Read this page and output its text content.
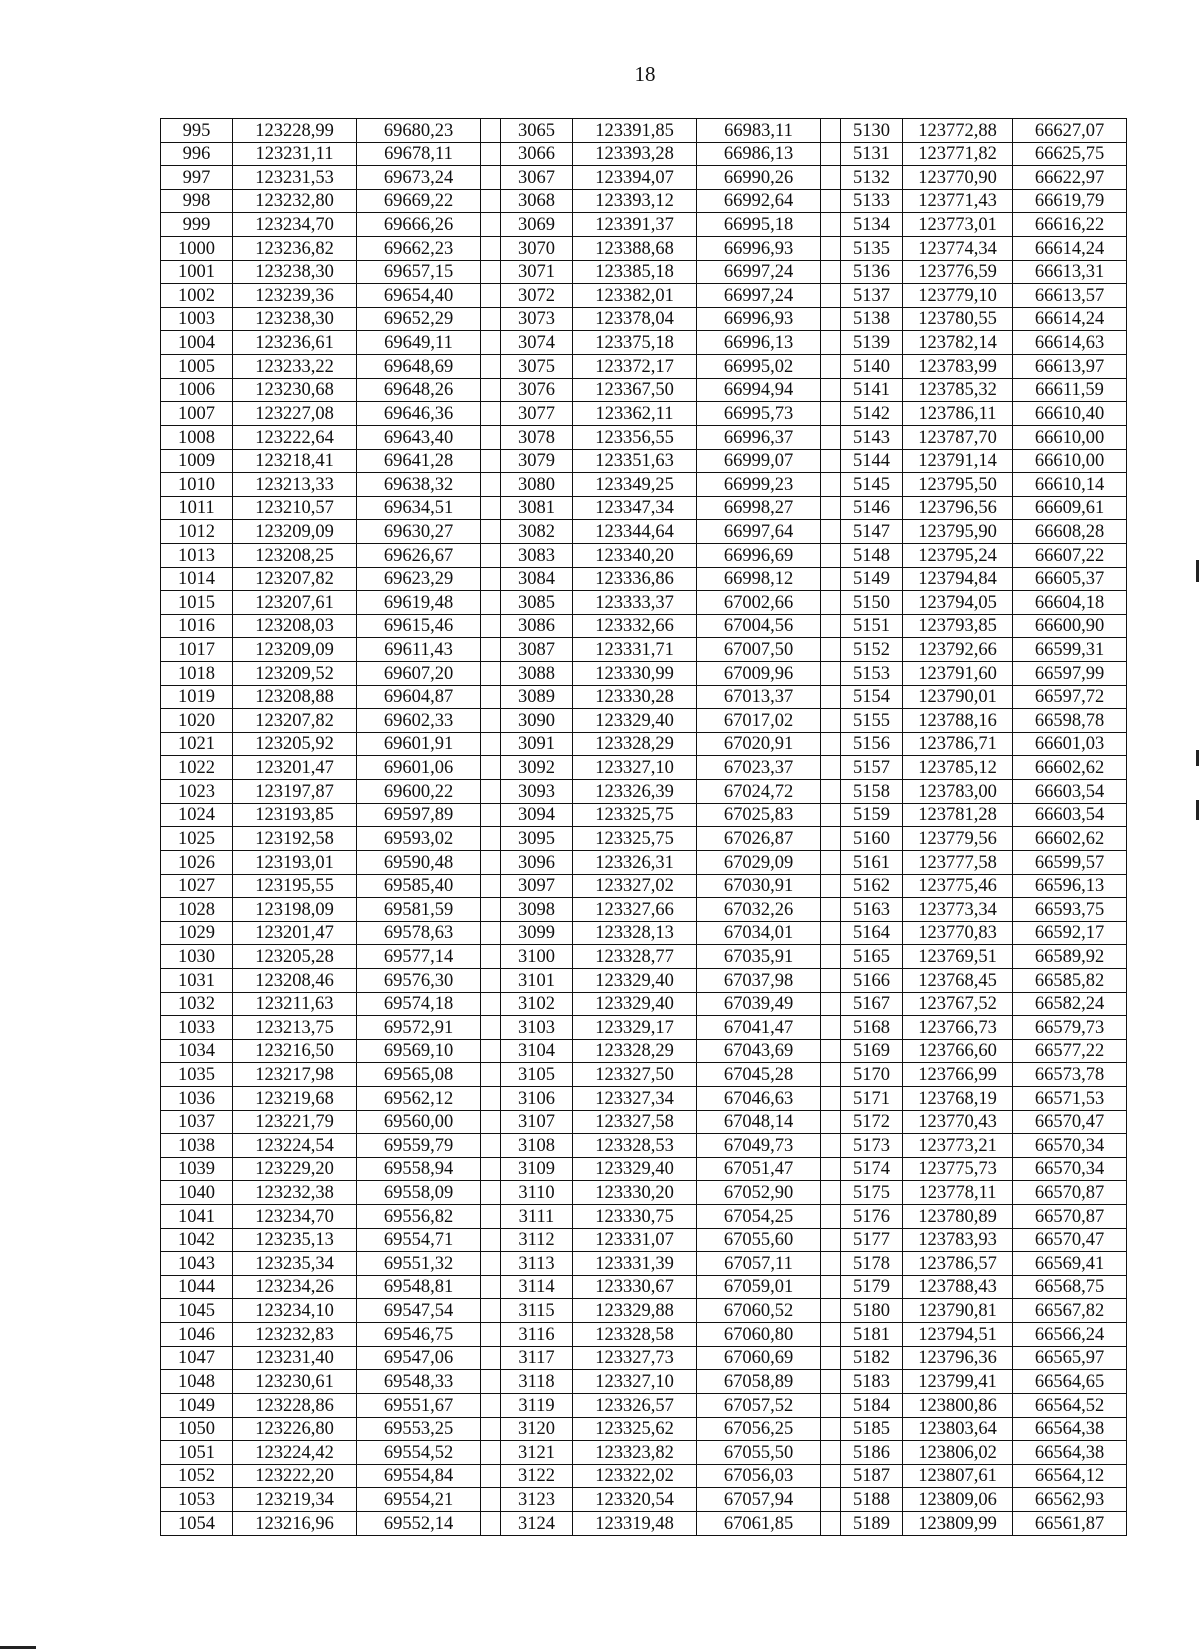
18
995	123228,99	69680,23		3065	123391,85	66983,11		5130	123772,88	66627,07
996	123231,11	69678,11		3066	123393,28	66986,13		5131	123771,82	66625,75
997	123231,53	69673,24		3067	123394,07	66990,26		5132	123770,90	66622,97
998	123232,80	69669,22		3068	123393,12	66992,64		5133	123771,43	66619,79
999	123234,70	69666,26		3069	123391,37	66995,18		5134	123773,01	66616,22
1000	123236,82	69662,23		3070	123388,68	66996,93		5135	123774,34	66614,24
1001	123238,30	69657,15		3071	123385,18	66997,24		5136	123776,59	66613,31
1002	123239,36	69654,40		3072	123382,01	66997,24		5137	123779,10	66613,57
1003	123238,30	69652,29		3073	123378,04	66996,93		5138	123780,55	66614,24
1004	123236,61	69649,11		3074	123375,18	66996,13		5139	123782,14	66614,63
1005	123233,22	69648,69		3075	123372,17	66995,02		5140	123783,99	66613,97
1006	123230,68	69648,26		3076	123367,50	66994,94		5141	123785,32	66611,59
1007	123227,08	69646,36		3077	123362,11	66995,73		5142	123786,11	66610,40
1008	123222,64	69643,40		3078	123356,55	66996,37		5143	123787,70	66610,00
1009	123218,41	69641,28		3079	123351,63	66999,07		5144	123791,14	66610,00
1010	123213,33	69638,32		3080	123349,25	66999,23		5145	123795,50	66610,14
1011	123210,57	69634,51		3081	123347,34	66998,27		5146	123796,56	66609,61
1012	123209,09	69630,27		3082	123344,64	66997,64		5147	123795,90	66608,28
1013	123208,25	69626,67		3083	123340,20	66996,69		5148	123795,24	66607,22
1014	123207,82	69623,29		3084	123336,86	66998,12		5149	123794,84	66605,37
1015	123207,61	69619,48		3085	123333,37	67002,66		5150	123794,05	66604,18
1016	123208,03	69615,46		3086	123332,66	67004,56		5151	123793,85	66600,90
1017	123209,09	69611,43		3087	123331,71	67007,50		5152	123792,66	66599,31
1018	123209,52	69607,20		3088	123330,99	67009,96		5153	123791,60	66597,99
1019	123208,88	69604,87		3089	123330,28	67013,37		5154	123790,01	66597,72
1020	123207,82	69602,33		3090	123329,40	67017,02		5155	123788,16	66598,78
1021	123205,92	69601,91		3091	123328,29	67020,91		5156	123786,71	66601,03
1022	123201,47	69601,06		3092	123327,10	67023,37		5157	123785,12	66602,62
1023	123197,87	69600,22		3093	123326,39	67024,72		5158	123783,00	66603,54
1024	123193,85	69597,89		3094	123325,75	67025,83		5159	123781,28	66603,54
1025	123192,58	69593,02		3095	123325,75	67026,87		5160	123779,56	66602,62
1026	123193,01	69590,48		3096	123326,31	67029,09		5161	123777,58	66599,57
1027	123195,55	69585,40		3097	123327,02	67030,91		5162	123775,46	66596,13
1028	123198,09	69581,59		3098	123327,66	67032,26		5163	123773,34	66593,75
1029	123201,47	69578,63		3099	123328,13	67034,01		5164	123770,83	66592,17
1030	123205,28	69577,14		3100	123328,77	67035,91		5165	123769,51	66589,92
1031	123208,46	69576,30		3101	123329,40	67037,98		5166	123768,45	66585,82
1032	123211,63	69574,18		3102	123329,40	67039,49		5167	123767,52	66582,24
1033	123213,75	69572,91		3103	123329,17	67041,47		5168	123766,73	66579,73
1034	123216,50	69569,10		3104	123328,29	67043,69		5169	123766,60	66577,22
1035	123217,98	69565,08		3105	123327,50	67045,28		5170	123766,99	66573,78
1036	123219,68	69562,12		3106	123327,34	67046,63		5171	123768,19	66571,53
1037	123221,79	69560,00		3107	123327,58	67048,14		5172	123770,43	66570,47
1038	123224,54	69559,79		3108	123328,53	67049,73		5173	123773,21	66570,34
1039	123229,20	69558,94		3109	123329,40	67051,47		5174	123775,73	66570,34
1040	123232,38	69558,09		3110	123330,20	67052,90		5175	123778,11	66570,87
1041	123234,70	69556,82		3111	123330,75	67054,25		5176	123780,89	66570,87
1042	123235,13	69554,71		3112	123331,07	67055,60		5177	123783,93	66570,47
1043	123235,34	69551,32		3113	123331,39	67057,11		5178	123786,57	66569,41
1044	123234,26	69548,81		3114	123330,67	67059,01		5179	123788,43	66568,75
1045	123234,10	69547,54		3115	123329,88	67060,52		5180	123790,81	66567,82
1046	123232,83	69546,75		3116	123328,58	67060,80		5181	123794,51	66566,24
1047	123231,40	69547,06		3117	123327,73	67060,69		5182	123796,36	66565,97
1048	123230,61	69548,33		3118	123327,10	67058,89		5183	123799,41	66564,65
1049	123228,86	69551,67		3119	123326,57	67057,52		5184	123800,86	66564,52
1050	123226,80	69553,25		3120	123325,62	67056,25		5185	123803,64	66564,38
1051	123224,42	69554,52		3121	123323,82	67055,50		5186	123806,02	66564,38
1052	123222,20	69554,84		3122	123322,02	67056,03		5187	123807,61	66564,12
1053	123219,34	69554,21		3123	123320,54	67057,94		5188	123809,06	66562,93
1054	123216,96	69552,14		3124	123319,48	67061,85		5189	123809,99	66561,87
